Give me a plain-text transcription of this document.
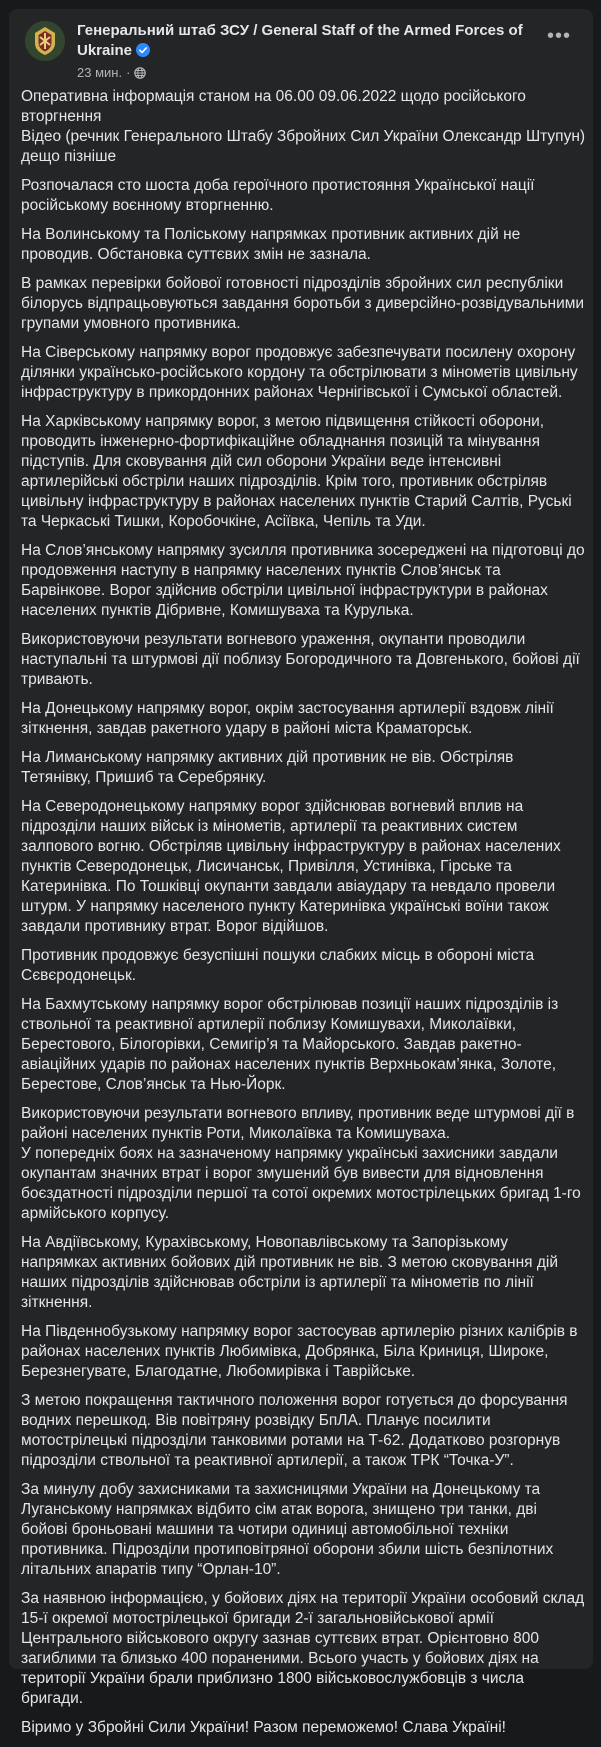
Генеральний штаб ЗСУ / General Staff of the Armed Forces of Ukraine
23 мин. ·
•••

Оперативна інформація станом на 06.00 09.06.2022 щодо російського вторгнення
Відео (речник Генерального Штабу Збройних Сил України Олександр Штупун) дещо пізніше

Розпочалася сто шоста доба героїчного протистояння Української нації російському воєнному вторгненню.

На Волинському та Поліському напрямках противник активних дій не проводив. Обстановка суттєвих змін не зазнала.

В рамках перевірки бойової готовності підрозділів збройних сил республіки білорусь відпрацьовуються завдання боротьби з диверсійно-розвідувальними групами умовного противника.

На Сіверському напрямку ворог продовжує забезпечувати посилену охорону ділянки українсько-російського кордону та обстрілювати з мінометів цивільну інфраструктуру в прикордонних районах Чернігівської і Сумської областей.

На Харківському напрямку ворог, з метою підвищення стійкості оборони, проводить інженерно-фортифікаційне обладнання позицій та мінування підступів. Для сковування дій сил оборони України веде інтенсивні артилерійські обстріли наших підрозділів. Крім того, противник обстріляв цивільну інфраструктуру в районах населених пунктів Старий Салтів, Руські та Черкаські Тишки, Коробочкіне, Асіївка, Чепіль та Уди.

На Слов’янському напрямку зусилля противника зосереджені на підготовці до продовження наступу в напрямку населених пунктів Слов’янськ та Барвінкове. Ворог здійснив обстріли цивільної інфраструктури в районах населених пунктів Дібривне, Комишуваха та Курулька.

Використовуючи результати вогневого ураження, окупанти проводили наступальні та штурмові дії поблизу Богородичного та Довгенького, бойові дії тривають.

На Донецькому напрямку ворог, окрім застосування артилерії вздовж лінії зіткнення, завдав ракетного удару в районі міста Краматорськ.

На Лиманському напрямку активних дій противник не вів. Обстріляв Тетянівку, Пришиб та Серебрянку.

На Северодонецькому напрямку ворог здійснював вогневий вплив на підрозділи наших військ із мінометів, артилерії та реактивних систем залпового вогню. Обстріляв цивільну інфраструктуру в районах населених пунктів Северодонецьк, Лисичанськ, Привілля, Устинівка, Гірське та Катеринівка. По Тошківці окупанти завдали авіаудару та невдало провели штурм. У напрямку населеного пункту Катеринівка українські воїни також завдали противнику втрат. Ворог відійшов.

Противник продовжує безуспішні пошуки слабких місць в обороні міста Сєвєродонецьк.

На Бахмутському напрямку ворог обстрілював позиції наших підрозділів із ствольної та реактивної артилерії поблизу Комишувахи, Миколаївки, Берестового, Білогорівки, Семигір’я та Майорського. Завдав ракетно-авіаційних ударів по районах населених пунктів Верхньокам’янка, Золоте, Берестове, Слов’янськ та Нью-Йорк.

Використовуючи результати вогневого впливу, противник веде штурмові дії в районі населених пунктів Роти, Миколаївка та Комишуваха.
У попередніх боях на зазначеному напрямку українські захисники завдали окупантам значних втрат і ворог змушений був вивести для відновлення боєздатності підрозділи першої та сотої окремих мотострілецьких бригад 1-го армійського корпусу.

На Авдіївському, Курахівському, Новопавлівському та Запорізькому напрямках активних бойових дій противник не вів. З метою сковування дій наших підрозділів здійснював обстріли із артилерії та мінометів по лінії зіткнення.

На Південнобузькому напрямку ворог застосував артилерію різних калібрів в районах населених пунктів Любимівка, Добрянка, Біла Криниця, Широке, Березнегувате, Благодатне, Любомирівка і Таврійське.

З метою покращення тактичного положення ворог готується до форсування водних перешкод. Вів повітряну розвідку БпЛА. Планує посилити мотострілецькі підрозділи танковими ротами на Т-62. Додатково розгорнув підрозділи ствольної та реактивної артилерії, а також ТРК “Точка-У”.

За минулу добу захисниками та захисницями України на Донецькому та Луганському напрямках відбито сім атак ворога, знищено три танки, дві бойові броньовані машини та чотири одиниці автомобільної техніки противника. Підрозділи протиповітряної оборони збили шість безпілотних літальних апаратів типу “Орлан-10”.

За наявною інформацією, у бойових діях на території України особовий склад 15-ї окремої мотострілецької бригади 2-ї загальновійськової армії Центрального військового округу зазнав суттєвих втрат. Орієнтовно 800 загиблими та близько 400 пораненими. Всього участь у бойових діях на території України брали приблизно 1800 військовослужбовців з числа бригади.

Віримо у Збройні Сили України! Разом переможемо! Слава Україні!
